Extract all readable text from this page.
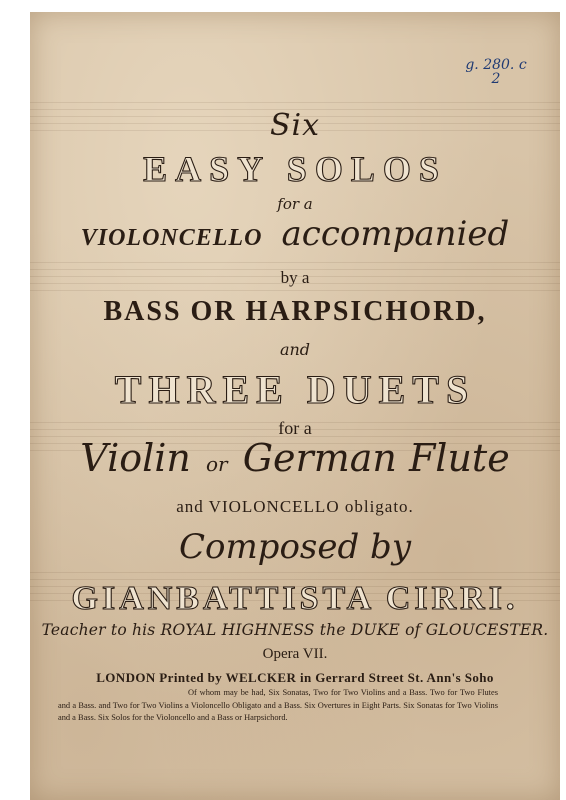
g. 280. c
2
Six
EASY SOLOS
for a
VIOLONCELLO accompanied
by a
BASS OR HARPSICHORD,
and
THREE DUETS
for a
Violin or German Flute
and VIOLONCELLO obligato.
Composed by
GIANBATTISTA CIRRI.
Teacher to his ROYAL HIGHNESS the DUKE of GLOUCESTER.
Opera VII.
LONDON Printed by WELCKER in Gerrard Street St. Ann's Soho
Of whom may be had, Six Sonatas, Two for Two Violins and a Bass. Two for Two Flutes and a Bass. and Two for Two Violins a Violoncello Obligato and a Bass. Six Overtures in Eight Parts. Six Sonatas for Two Violins and a Bass. Six Solos for the Violoncello and a Bass or Harpsichord.
